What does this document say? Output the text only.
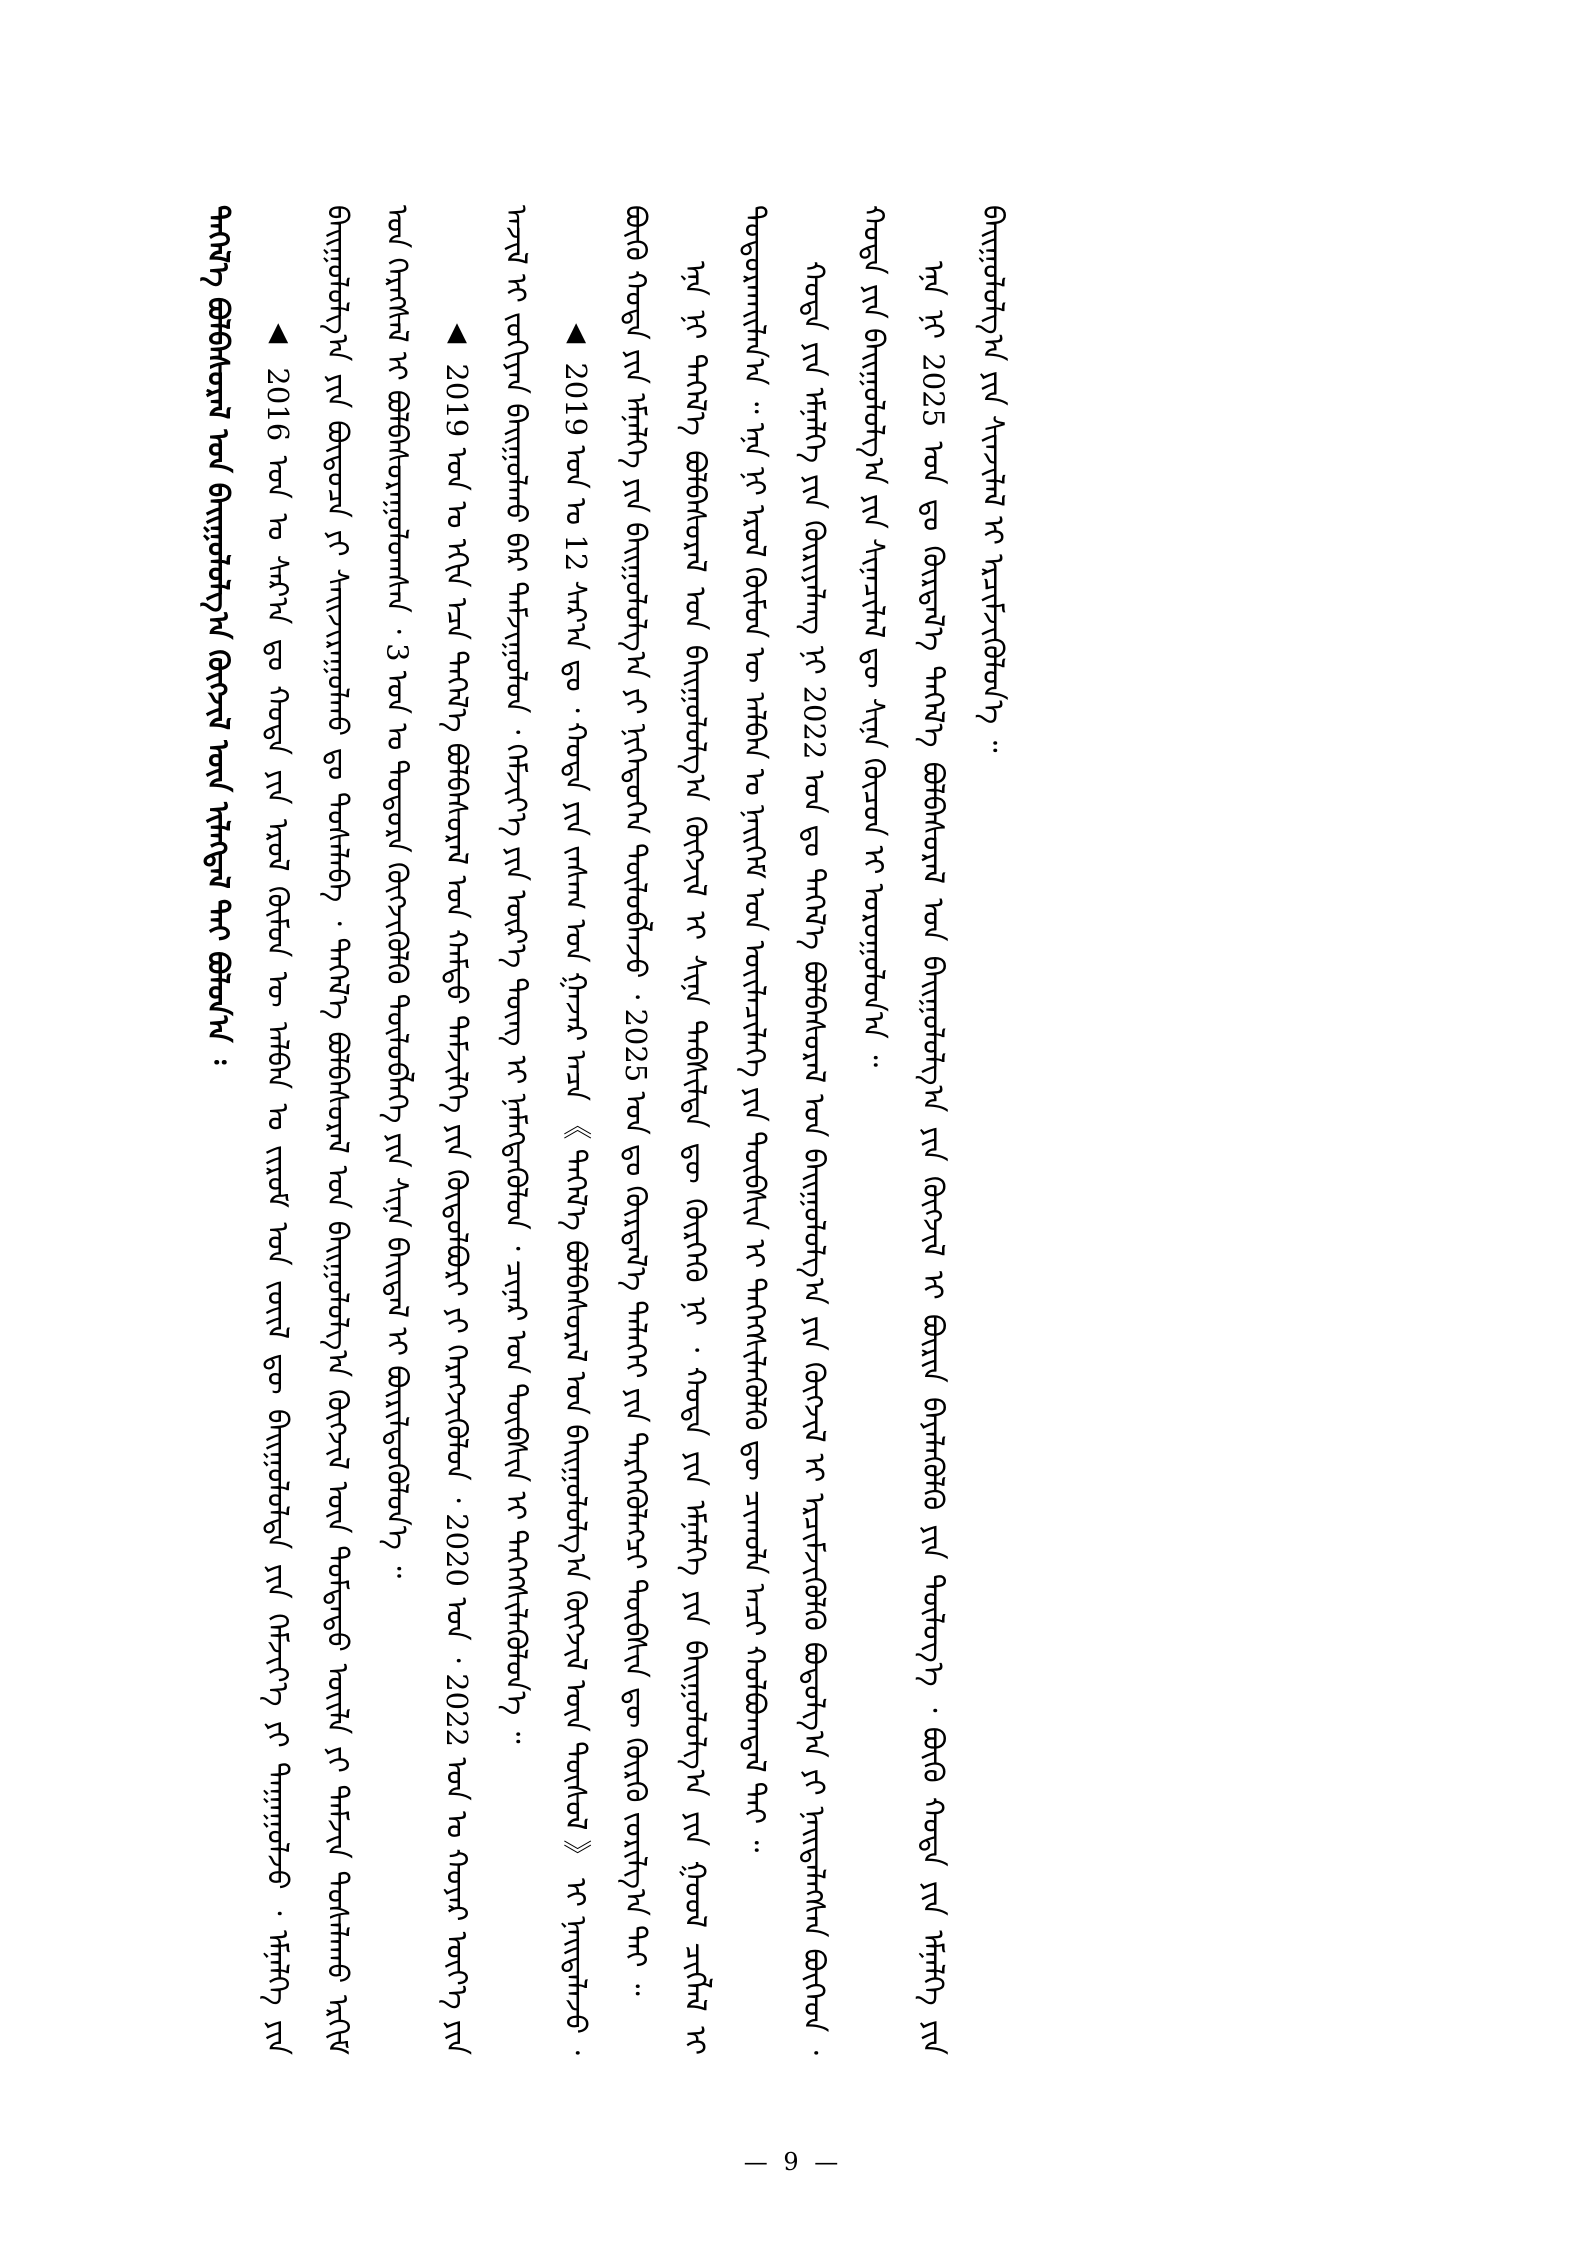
ᠲᠡᠭᠡᠯ᠎ᠡ ᠪᠣᠯᠪᠠᠰᠤᠷᠠᠯ ᠤᠨ ᠪᠠᠢᠭᠤᠯᠤᠯᠭ᠎ᠠ ᠬᠥᠭᠵᠢᠯ ᠦᠨ ᠢᠯᠡᠭᠳᠡᠯ ᠲᠠᠢ ᠪᠣᠯᠤᠨ᠎ᠠ ᠄	▲ 2016 ᠣᠨ ᠤ ᠰᠠᠷ᠎ᠠ ᠳᠤ ᠬᠣᠲᠠ ᠶᠢᠨ ᠡᠷᠦᠯ ᠬᠦᠮᠦᠨ ᠦ ᠠᠯᠪᠠᠨ ᠤ ᠵᠢᠷᠤᠮ ᠤᠨ ᠵᠦᠢᠯ ᠳᠦ ᠪᠠᠢᠭᠤᠯᠤᠯᠲᠠ ᠶᠢᠨ ᠬᠡᠮᠵᠢᠶ᠎ᠡ ᠶᠢ ᠳᠠᠭᠠᠭᠤᠯᠵᠤ ᠂ ᠡᠮᠨᠡᠯᠭᠡ ᠶᠢᠨ ᠪᠠᠢᠭᠤᠯᠤᠯᠭ᠎ᠠ ᠶᠢᠨ ᠪᠦᠲᠦᠴᠡ ᠶᠢ ᠰᠠᠢᠵᠢᠷᠠᠭᠤᠯᠬᠤ ᠳᠤ ᠲᠤᠰᠠᠯᠠᠪᠠ ᠂ ᠲᠡᠭᠡᠯ᠎ᠡ ᠪᠣᠯᠪᠠᠰᠤᠷᠠᠯ ᠤᠨ ᠪᠠᠢᠭᠤᠯᠤᠯᠭ᠎ᠠ ᠬᠥᠭᠵᠢᠯ ᠦᠨ ᠳᠤᠮᠳᠠᠳᠤ ᠦᠢᠯᠡ ᠶᠢ ᠳᠡᠮᠵᠢᠨ ᠲᠤᠰᠠᠯᠠᠬᠤ ᠡᠷᠭᠢᠮ ᠤᠨ ᠬᠡᠷᠡᠭᠰᠡᠯ ᠢ ᠪᠣᠯᠪᠠᠰᠤᠷᠠᠭᠤᠯᠤᠭᠰᠠᠨ ᠂ 3 ᠣᠨ ᠤ ᠳᠣᠲᠣᠷᠠ ᠬᠥᠭᠵᠢᠭᠦᠯᠬᠦ ᠲᠥᠯᠥᠪᠯᠡᠭᠡ ᠶᠢᠨ ᠰᠢᠨᠡ ᠪᠠᠢᠳᠠᠯ ᠢ ᠪᠦᠷᠢᠯᠳᠦᠭᠦᠯᠦᠨ᠎ᠡ ᠃	▲ 2019 ᠣᠨ ᠤ ᠡᠬᠢᠨ ᠡᠴᠡ ᠲᠡᠭᠡᠯ᠎ᠡ ᠪᠣᠯᠪᠠᠰᠤᠷᠠᠯ ᠤᠨ ᠬᠠᠮᠲᠤ ᠳᠡᠮᠵᠢᠯᠭᠡ ᠶᠢᠨ ᠬᠥᠲᠥᠯᠪᠦᠷᠢ ᠶᠢ ᠬᠡᠷᠡᠭᠵᠢᠭᠦᠯᠦᠨ ᠂ 2020 ᠣᠨ ᠂ 2022 ᠣᠨ ᠤ ᠬᠣᠶᠠᠷ ᠦᠶ᠎ᠡ ᠶᠢᠨ ᠠᠵᠢᠯ ᠢ ᠵᠣᠬᠢᠶᠠᠨ ᠪᠠᠢᠭᠤᠯᠬᠤ ᠪᠠᠷ ᠳᠠᠮᠵᠢᠭᠤᠯᠤᠨ ᠂ ᠬᠡᠮᠵᠢᠶ᠎ᠡ ᠶᠢᠨ ᠦᠷ᠎ᠡ ᠳᠦᠩ ᠢ ᠨᠡᠮᠡᠭᠳᠡᠭᠦᠯᠦᠨ ᠂ ᠴᠢᠨᠠᠷ ᠤᠨ ᠲᠦᠪᠰᠢᠨ ᠢ ᠳᠡᠭᠡᠭᠰᠢᠯᠡᠭᠦᠯᠦᠨ᠎ᠡ ᠃	▲ 2019 ᠣᠨ ᠤ 12 ᠰᠠᠷ᠎ᠠ ᠳᠤ ᠂ ᠬᠣᠲᠠ ᠶᠢᠨ ᠵᠠᠰᠠᠭ ᠤᠨ ᠭᠠᠵᠠᠷ ᠠᠴᠠ 《 ᠲᠡᠭᠡᠯ᠎ᠡ ᠪᠣᠯᠪᠠᠰᠤᠷᠠᠯ ᠤᠨ ᠪᠠᠢᠭᠤᠯᠤᠯᠭ᠎ᠠ ᠬᠥᠭᠵᠢᠯ ᠦᠨ ᠲᠥᠰᠥᠯ 》 ᠢ ᠨᠡᠢᠲᠡᠯᠡᠵᠦ ᠂ ᠪᠦᠬᠦ ᠬᠣᠲᠠ ᠶᠢᠨ ᠡᠮᠨᠡᠯᠭᠡ ᠶᠢᠨ ᠪᠠᠢᠭᠤᠯᠤᠯᠭ᠎ᠠ ᠶᠢ ᠨᠢᠭᠡᠳᠦᠭᠡᠨ ᠲᠥᠯᠥᠪᠯᠡᠵᠦ ᠂ 2025 ᠣᠨ ᠳᠤ ᠬᠦᠷᠲᠡᠯ᠎ᠡ ᠳᠡᠯᠡᠬᠡᠢ ᠶᠢᠨ ᠲᠡᠷᠭᠡᠭᠦᠯᠡᠭᠴᠢ ᠲᠦᠪᠰᠢᠨ ᠳᠦ ᠬᠦᠷᠬᠦ ᠵᠣᠷᠢᠯᠭ᠎ᠠ ᠲᠠᠢ ᠃ ᠡᠨᠡ ᠨᠢ ᠲᠡᠭᠡᠯ᠎ᠡ ᠪᠣᠯᠪᠠᠰᠤᠷᠠᠯ ᠤᠨ ᠪᠠᠢᠭᠤᠯᠤᠯᠭ᠎ᠠ ᠬᠥᠭᠵᠢᠯ ᠢ ᠰᠢᠨᠡ ᠳᠡᠪᠰᠢᠯᠲᠡ ᠳᠦ ᠬᠦᠷᠭᠡᠬᠦ ᠨᠢ ᠂ ᠬᠣᠲᠠ ᠶᠢᠨ ᠡᠮᠨᠡᠯᠭᠡ ᠶᠢᠨ ᠪᠠᠢᠭᠤᠯᠤᠯᠭ᠎ᠠ ᠶᠢᠨ ᠭᠤᠤᠯ ᠴᠢᠭᠯᠡᠯ ᠢ ᠲᠣᠳᠤᠷᠬᠠᠢᠯᠠᠨ᠎ᠠ ᠃ ᠡᠨᠡ ᠨᠢ ᠡᠷᠦᠯ ᠬᠦᠮᠦᠨ ᠦ ᠠᠯᠪᠠᠨ ᠤ ᠨᠡᠢᠭᠡᠮ ᠤᠨ ᠦᠢᠯᠡᠴᠢᠯᠡᠭᠡ ᠶᠢᠨ ᠲᠦᠪᠰᠢᠨ ᠢ ᠳᠡᠭᠡᠭᠰᠢᠯᠡᠭᠦᠯᠬᠦ ᠳᠦ ᠴᠢᠬᠤᠯᠠ ᠠᠴᠢ ᠬᠣᠯᠪᠣᠭᠳᠠᠯ ᠲᠠᠢ ᠃ ᠬᠣᠲᠠ ᠶᠢᠨ ᠡᠮᠨᠡᠯᠭᠡ ᠶᠢᠨ ᠬᠦᠷᠢᠶᠡᠯᠡᠩ ᠨᠢ 2022 ᠣᠨ ᠳᠤ ᠲᠡᠭᠡᠯ᠎ᠡ ᠪᠣᠯᠪᠠᠰᠤᠷᠠᠯ ᠤᠨ ᠪᠠᠢᠭᠤᠯᠤᠯᠭ᠎ᠠ ᠶᠢᠨ ᠬᠥᠭᠵᠢᠯ ᠢ ᠡᠷᠴᠢᠮᠵᠢᠭᠦᠯᠬᠦ ᠪᠣᠳᠣᠯᠭ᠎ᠠ ᠶᠢ ᠨᠡᠢᠲᠡᠯᠡᠭᠰᠡᠨ ᠪᠥᠭᠡᠳ ᠂ ᠬᠣᠲᠠ ᠶᠢᠨ ᠪᠠᠢᠭᠤᠯᠤᠯᠭ᠎ᠠ ᠶᠢᠨ ᠰᠢᠨᠡᠴᠢᠯᠡᠯ ᠳᠦ ᠰᠢᠨᠡ ᠬᠦᠴᠦᠨ ᠢ ᠣᠷᠣᠭᠤᠯᠤᠨ᠎ᠠ ᠃ ᠡᠨᠡ ᠨᠢ 2025 ᠣᠨ ᠳᠤ ᠬᠦᠷᠲᠡᠯ᠎ᠡ ᠲᠡᠭᠡᠯ᠎ᠡ ᠪᠣᠯᠪᠠᠰᠤᠷᠠᠯ ᠤᠨ ᠪᠠᠢᠭᠤᠯᠤᠯᠭ᠎ᠠ ᠶᠢᠨ ᠬᠥᠭᠵᠢᠯ ᠢ ᠪᠦᠷᠢᠨ ᠪᠡᠶᠡᠯᠡᠭᠦᠯᠬᠦ ᠶᠢᠨ ᠲᠥᠯᠥᠭ᠎ᠡ ᠂ ᠪᠦᠬᠦ ᠬᠣᠲᠠ ᠶᠢᠨ ᠡᠮᠨᠡᠯᠭᠡ ᠶᠢᠨ ᠪᠠᠢᠭᠤᠯᠤᠯᠭ᠎ᠠ ᠶᠢᠨ ᠰᠢᠨᠵᠢᠯᠡᠯ ᠢ ᠡᠷᠴᠢᠮᠵᠢᠭᠦᠯᠦᠨ᠎ᠡ ᠃

— 9 —
